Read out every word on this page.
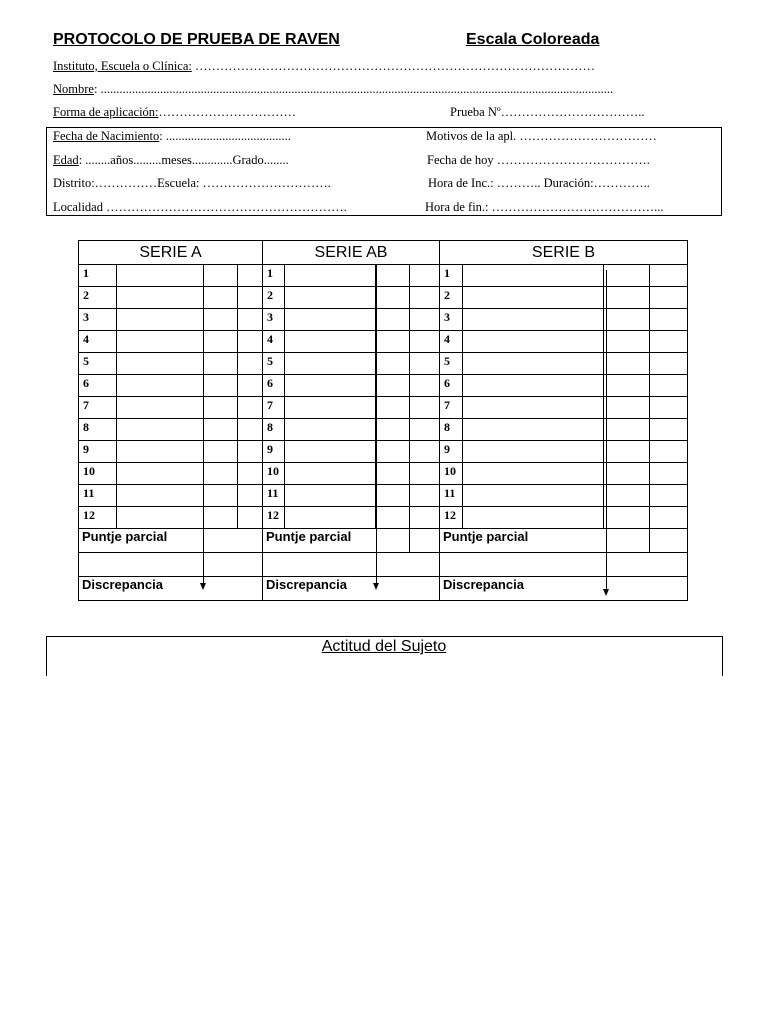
PROTOCOLO DE PRUEBA DE RAVEN	Escala Coloreada
Instituto, Escuela o Clínica: ……………………………………………………………………………………
Nombre: ....................................................................................................................................................................
Forma de aplicación:……………………………	Prueba Nº……………………………..
Fecha de Nacimiento: ........................................	Motivos de la apl. ……………………………
Edad: ........años.........meses.............Grado........	Fecha de hoy ……………………………….
Distrito:……………Escuela: ………………………….	Hora de Inc.: ……….. Duración:…………..
Localidad ………………………………………………….	Hora de fin.: …………………………………...
SERIE A				SERIE AB				SERIE B			
1				1				1			
2				2				2			
3				3				3			
4				4				4			
5				5				5			
6				6				6			
7				7				7			
8				8				8			
9				9				9			
10				10				10			
11				11				11			
12				12				12			
Puntje parcial				Puntje parcial				Puntje parcial			

Discrepancia				Discrepancia				Discrepancia			
Actitud del Sujeto
